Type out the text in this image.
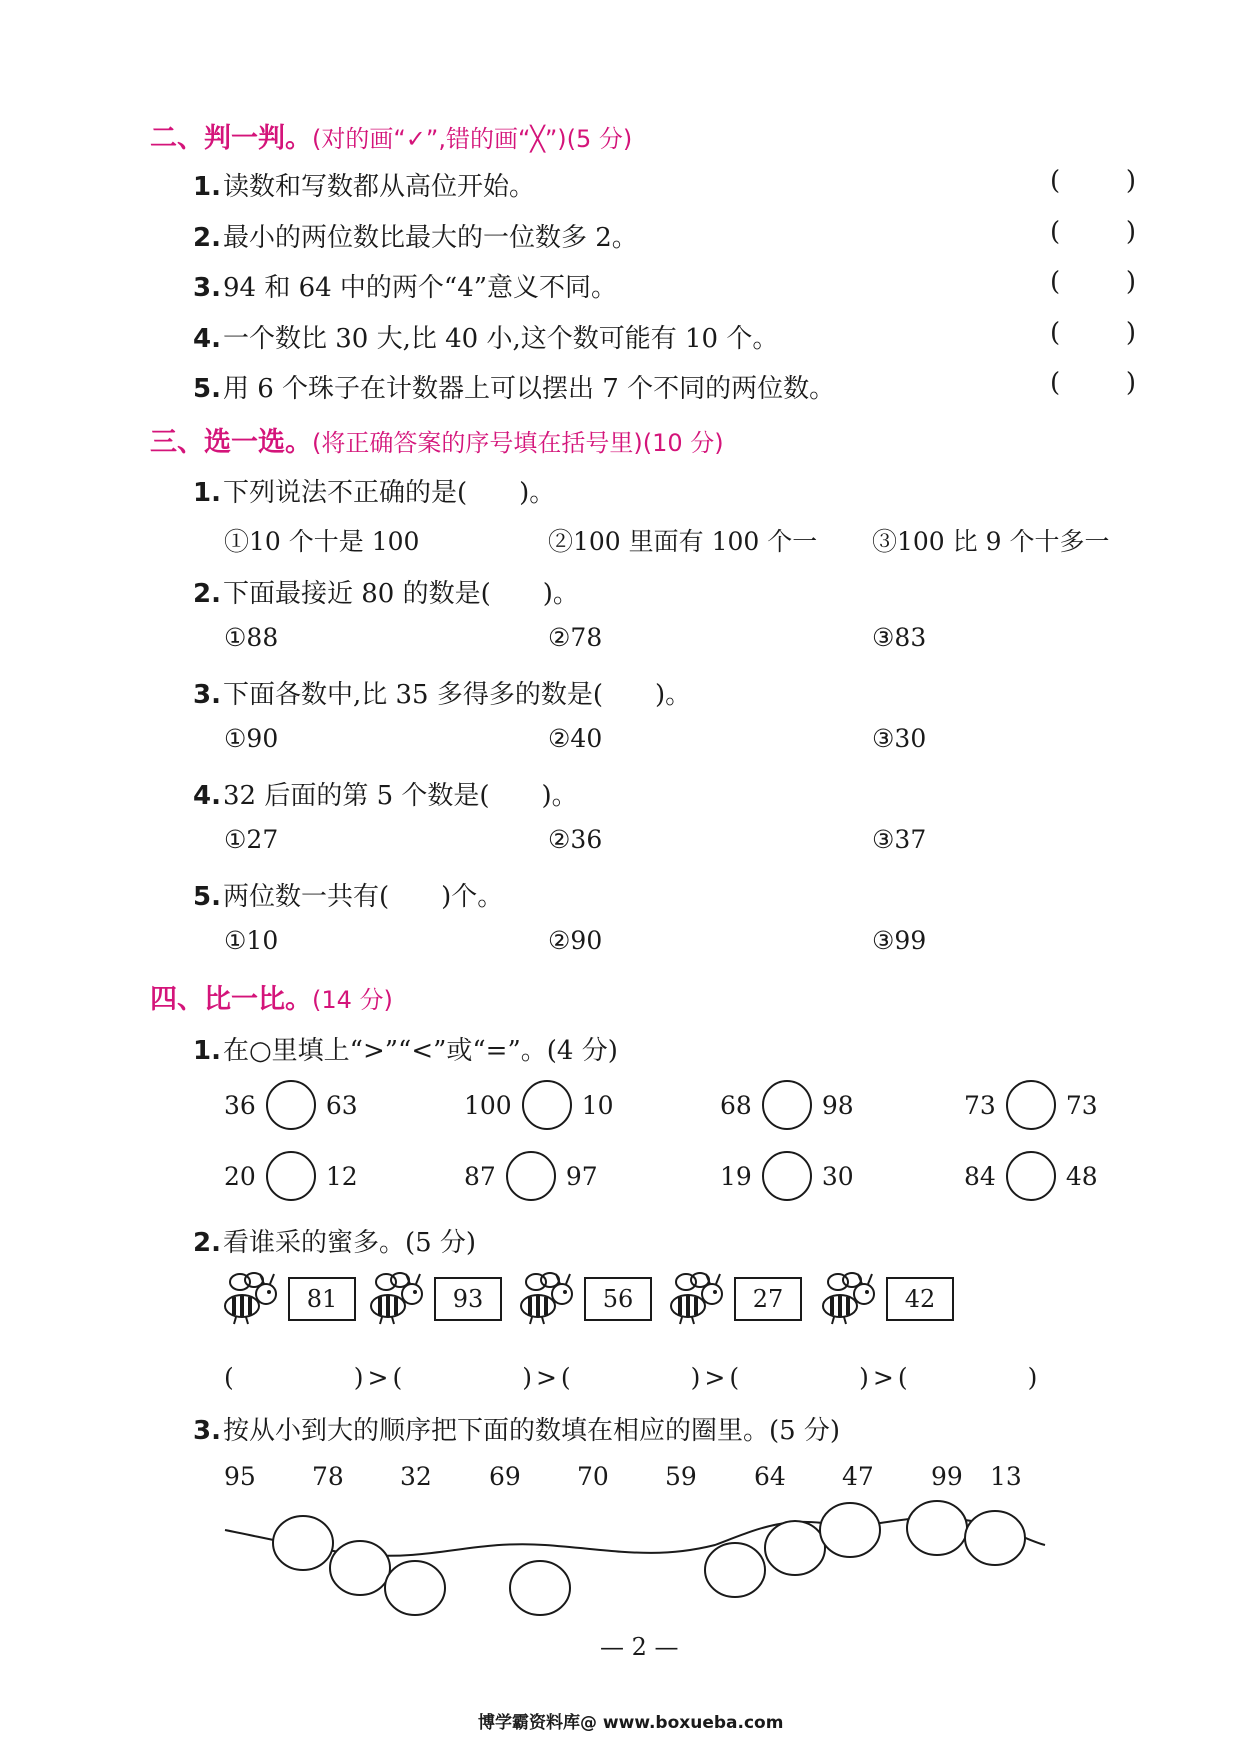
二、判一判。(对的画“✓”,错的画“╳”)(5 分)
1.读数和写数都从高位开始。	(	)
2.最小的两位数比最大的一位数多 2。	(	)
3.94 和 64 中的两个“4”意义不同。	(	)
4.一个数比 30 大,比 40 小,这个数可能有 10 个。	(	)
5.用 6 个珠子在计数器上可以摆出 7 个不同的两位数。	(	)
三、选一选。(将正确答案的序号填在括号里)(10 分)
1.下列说法不正确的是(　　)。
①10 个十是 100	②100 里面有 100 个一 ③100 比 9 个十多一
2.下面最接近 80 的数是(　　)。
①88	②78	③83
3.下面各数中,比 35 多得多的数是(　　)。
①90	②40	③30
4.32 后面的第 5 个数是(　　)。
①27	②36	③37
5.两位数一共有(　　)个。
①10	②90	③99
四、比一比。(14 分)
1.在○里填上“>”“<”或“=”。(4 分)
36	63	100	10	68	98	73	73
20	12	87	97	19	30	84	48
2.看谁采的蜜多。(5 分)
81	93	56	27	42
(　　　　)>(　　　　)>(　　　　)>(　　　　)>(　　　　)
3.按从小到大的顺序把下面的数填在相应的圈里。(5 分)
95 78 32 69 70 59 64 47 99 13
— 2 —
博学霸资料库@ www.boxueba.com
